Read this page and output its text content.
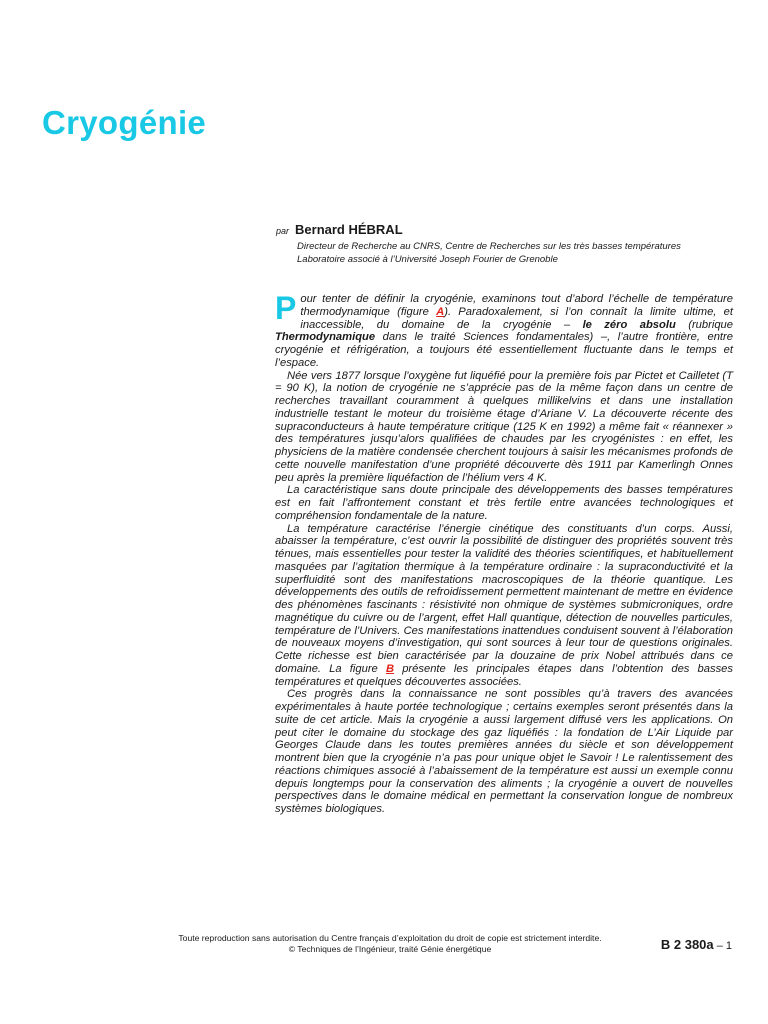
Cryogénie
par Bernard HÉBRAL
Directeur de Recherche au CNRS, Centre de Recherches sur les très basses températures
Laboratoire associé à l’Université Joseph Fourier de Grenoble

Pour tenter de définir la cryogénie, examinons tout d’abord l’échelle de température thermodynamique (figure A). Paradoxalement, si l’on connaît la limite ultime, et inaccessible, du domaine de la cryogénie – le zéro absolu (rubrique Thermodynamique dans le traité Sciences fondamentales) –, l’autre frontière, entre cryogénie et réfrigération, a toujours été essentiellement fluctuante dans le temps et l’espace.

Née vers 1877 lorsque l’oxygène fut liquéfié pour la première fois par Pictet et Cailletet (T = 90 K), la notion de cryogénie ne s’apprécie pas de la même façon dans un centre de recherches travaillant couramment à quelques millikelvins et dans une installation industrielle testant le moteur du troisième étage d’Ariane V. La découverte récente des supraconducteurs à haute température critique (125 K en 1992) a même fait « réannexer » des températures jusqu’alors qualifiées de chaudes par les cryogénistes : en effet, les physiciens de la matière condensée cherchent toujours à saisir les mécanismes profonds de cette nouvelle manifestation d’une propriété découverte dès 1911 par Kamerlingh Onnes peu après la première liquéfaction de l’hélium vers 4 K.

La caractéristique sans doute principale des développements des basses températures est en fait l’affrontement constant et très fertile entre avancées technologiques et compréhension fondamentale de la nature.

La température caractérise l’énergie cinétique des constituants d’un corps. Aussi, abaisser la température, c’est ouvrir la possibilité de distinguer des propriétés souvent très ténues, mais essentielles pour tester la validité des théories scientifiques, et habituellement masquées par l’agitation thermique à la température ordinaire : la supraconductivité et la superfluidité sont des manifestations macroscopiques de la théorie quantique. Les développements des outils de refroidissement permettent maintenant de mettre en évidence des phénomènes fascinants : résistivité non ohmique de systèmes submicroniques, ordre magnétique du cuivre ou de l’argent, effet Hall quantique, détection de nouvelles particules, température de l’Univers. Ces manifestations inattendues conduisent souvent à l’élaboration de nouveaux moyens d’investigation, qui sont sources à leur tour de questions originales. Cette richesse est bien caractérisée par la douzaine de prix Nobel attribués dans ce domaine. La figure B présente les principales étapes dans l’obtention des basses températures et quelques découvertes associées.

Ces progrès dans la connaissance ne sont possibles qu’à travers des avancées expérimentales à haute portée technologique ; certains exemples seront présentés dans la suite de cet article. Mais la cryogénie a aussi largement diffusé vers les applications. On peut citer le domaine du stockage des gaz liquéfiés : la fondation de L’Air Liquide par Georges Claude dans les toutes premières années du siècle et son développement montrent bien que la cryogénie n’a pas pour unique objet le Savoir ! Le ralentissement des réactions chimiques associé à l’abaissement de la température est aussi un exemple connu depuis longtemps pour la conservation des aliments ; la cryogénie a ouvert de nouvelles perspectives dans le domaine médical en permettant la conservation longue de nombreux systèmes biologiques.

Toute reproduction sans autorisation du Centre français d’exploitation du droit de copie est strictement interdite.
© Techniques de l’Ingénieur, traité Génie énergétique	B 2 380a – 1
